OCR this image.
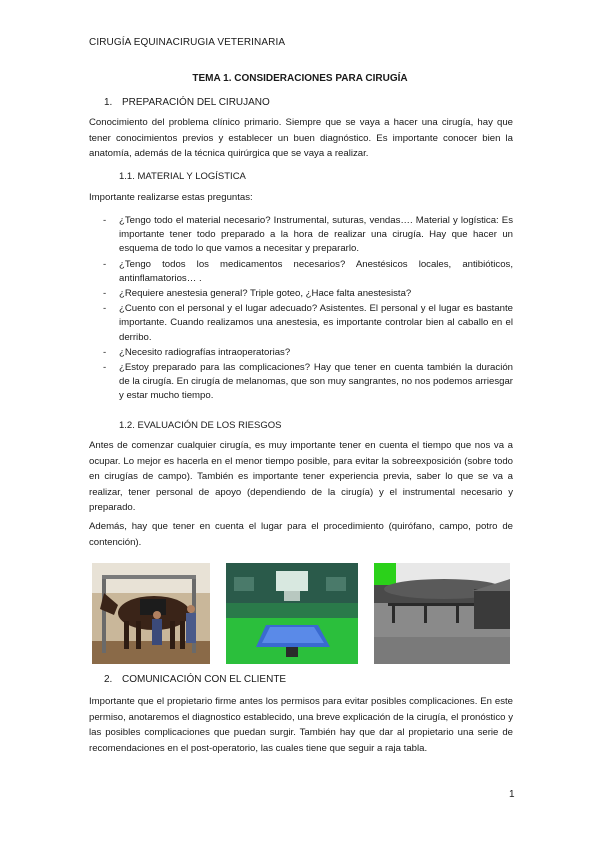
CIRUGÍA EQUINACIRUGIA VETERINARIA
TEMA 1. CONSIDERACIONES PARA CIRUGÍA
1. PREPARACIÓN DEL CIRUJANO

Conocimiento del problema clínico primario. Siempre que se vaya a hacer una cirugía, hay que tener conocimientos previos y establecer un buen diagnóstico. Es importante conocer bien la anatomía, además de la técnica quirúrgica que se vaya a realizar.

1.1. MATERIAL Y LOGÍSTICA

Importante realizarse estas preguntas:

- ¿Tengo todo el material necesario? Instrumental, suturas, vendas…. Material y logística: Es importante tener todo preparado a la hora de realizar una cirugía. Hay que hacer un esquema de todo lo que vamos a necesitar y prepararlo.
- ¿Tengo todos los medicamentos necesarios? Anestésicos locales, antibióticos, antinflamatorios… .
- ¿Requiere anestesia general? Triple goteo, ¿Hace falta anestesista?
- ¿Cuento con el personal y el lugar adecuado? Asistentes. El personal y el lugar es bastante importante. Cuando realizamos una anestesia, es importante controlar bien al caballo en el derribo.
- ¿Necesito radiografías intraoperatorias?
- ¿Estoy preparado para las complicaciones? Hay que tener en cuenta también la duración de la cirugía. En cirugía de melanomas, que son muy sangrantes, no nos podemos arriesgar y estar mucho tiempo.
1.2. EVALUACIÓN DE LOS RIESGOS

Antes de comenzar cualquier cirugía, es muy importante tener en cuenta el tiempo que nos va a ocupar. Lo mejor es hacerla en el menor tiempo posible, para evitar la sobreexposición (sobre todo en cirugías de campo). También es importante tener experiencia previa, saber lo que se va a realizar, tener personal de apoyo (dependiendo de la cirugía) y el instrumental necesario y preparado.

Además, hay que tener en cuenta el lugar para el procedimiento (quirófano, campo, potro de contención).

2. COMUNICACIÓN CON EL CLIENTE

Importante que el propietario firme antes los permisos para evitar posibles complicaciones. En este permiso, anotaremos el diagnostico establecido, una breve explicación de la cirugía, el pronóstico y las posibles complicaciones que puedan surgir. También hay que dar al propietario una serie de recomendaciones en el post-operatorio, las cuales tiene que seguir a raja tabla.

1
